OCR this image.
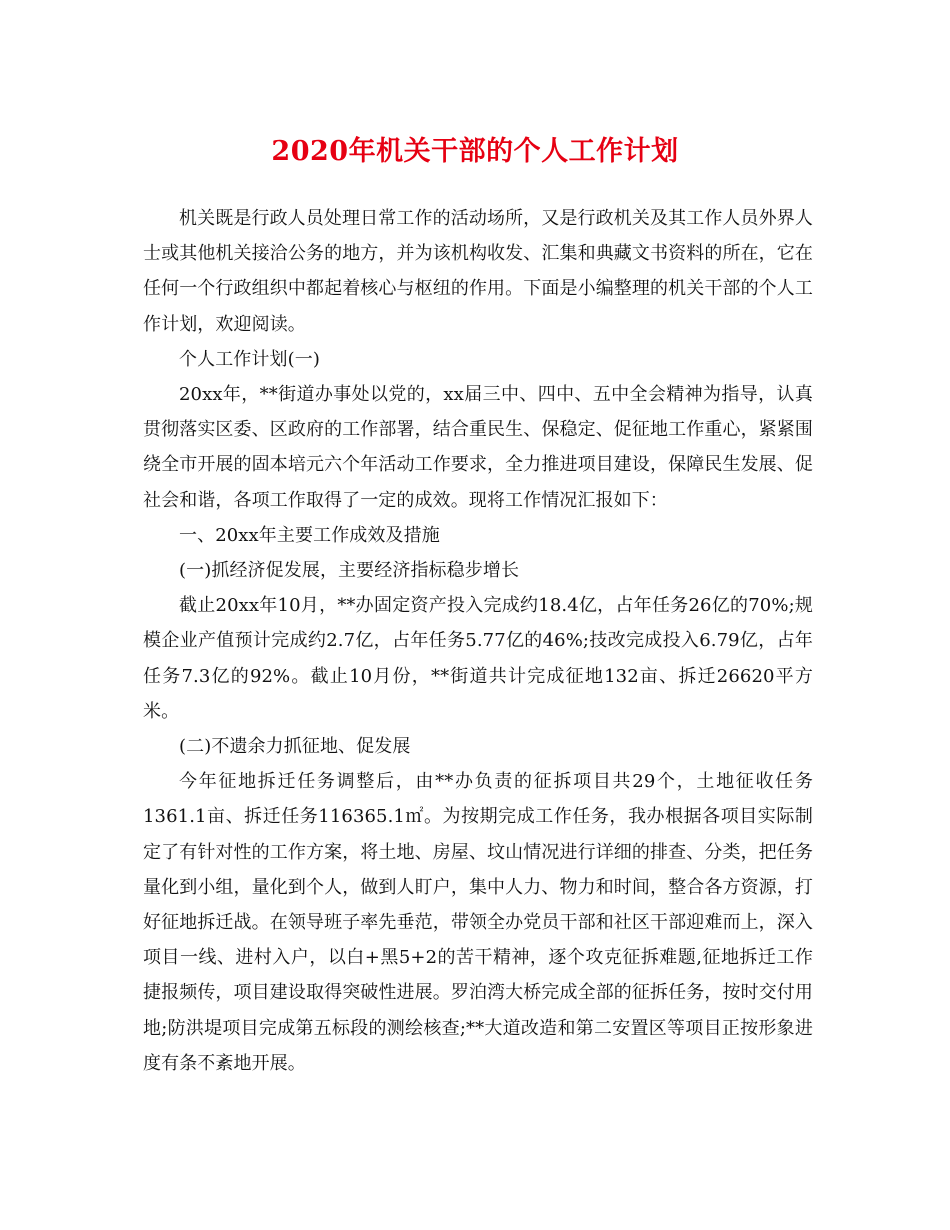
2020年机关干部的个人工作计划

机关既是行政人员处理日常工作的活动场所，又是行政机关及其工作人员外界人士或其他机关接洽公务的地方，并为该机构收发、汇集和典藏文书资料的所在，它在任何一个行政组织中都起着核心与枢纽的作用。下面是小编整理的机关干部的个人工作计划，欢迎阅读。

个人工作计划(一)

20xx年，**街道办事处以党的，xx届三中、四中、五中全会精神为指导，认真贯彻落实区委、区政府的工作部署，结合重民生、保稳定、促征地工作重心，紧紧围绕全市开展的固本培元六个年活动工作要求，全力推进项目建设，保障民生发展、促社会和谐，各项工作取得了一定的成效。现将工作情况汇报如下：

一、20xx年主要工作成效及措施

(一)抓经济促发展，主要经济指标稳步增长

截止20xx年10月，**办固定资产投入完成约18.4亿，占年任务26亿的70%;规模企业产值预计完成约2.7亿，占年任务5.77亿的46%;技改完成投入6.79亿，占年任务7.3亿的92%。截止10月份，**街道共计完成征地132亩、拆迁26620平方米。

(二)不遗余力抓征地、促发展

今年征地拆迁任务调整后，由**办负责的征拆项目共29个，土地征收任务1361.1亩、拆迁任务116365.1㎡。为按期完成工作任务，我办根据各项目实际制定了有针对性的工作方案，将土地、房屋、坟山情况进行详细的排查、分类，把任务量化到小组，量化到个人，做到人盯户，集中人力、物力和时间，整合各方资源，打好征地拆迁战。在领导班子率先垂范，带领全办党员干部和社区干部迎难而上，深入项目一线、进村入户，以白+黑5+2的苦干精神，逐个攻克征拆难题,征地拆迁工作捷报频传，项目建设取得突破性进展。罗泊湾大桥完成全部的征拆任务，按时交付用地;防洪堤项目完成第五标段的测绘核查;**大道改造和第二安置区等项目正按形象进度有条不紊地开展。
